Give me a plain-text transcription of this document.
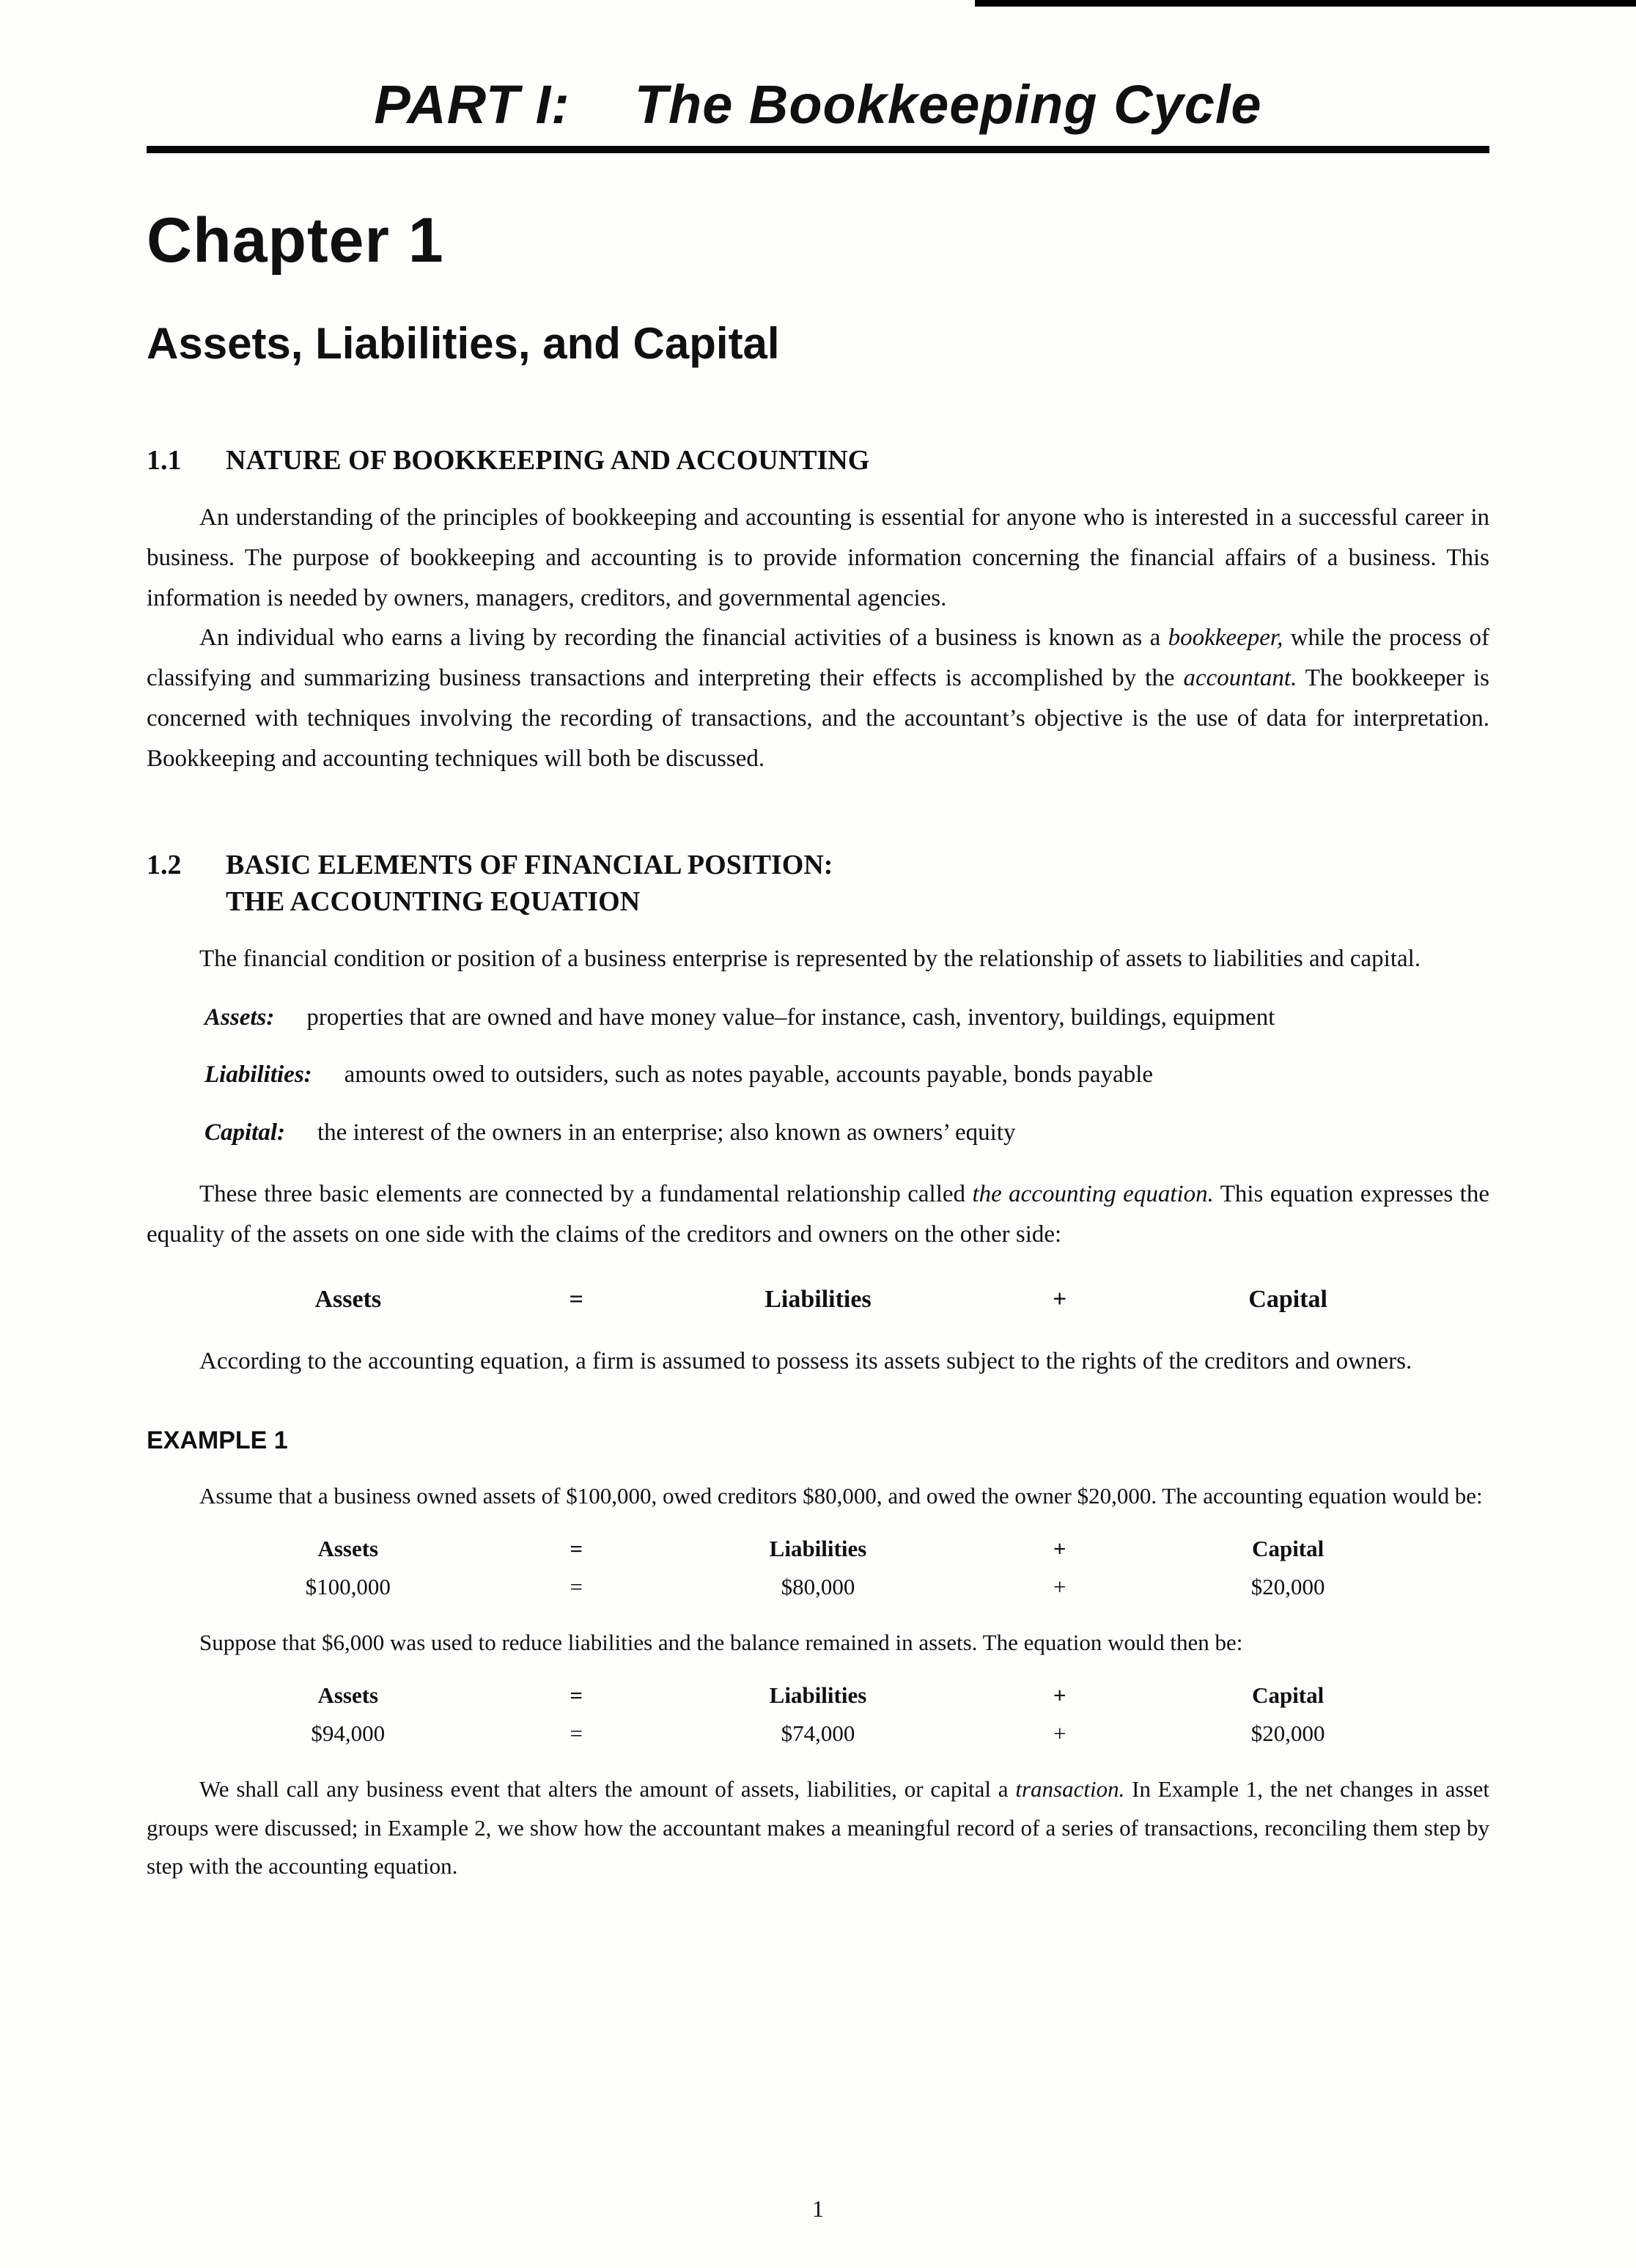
PART I: The Bookkeeping Cycle
Chapter 1
Assets, Liabilities, and Capital
1.1	NATURE OF BOOKKEEPING AND ACCOUNTING

An understanding of the principles of bookkeeping and accounting is essential for anyone who is interested in a successful career in business. The purpose of bookkeeping and accounting is to provide information concerning the financial affairs of a business. This information is needed by owners, managers, creditors, and governmental agencies.

An individual who earns a living by recording the financial activities of a business is known as a bookkeeper, while the process of classifying and summarizing business transactions and interpreting their effects is accomplished by the accountant. The bookkeeper is concerned with techniques involving the recording of transactions, and the accountant’s objective is the use of data for interpretation. Bookkeeping and accounting techniques will both be discussed.

1.2	BASIC ELEMENTS OF FINANCIAL POSITION:
THE ACCOUNTING EQUATION

The financial condition or position of a business enterprise is represented by the relationship of assets to liabilities and capital.

Assets: properties that are owned and have money value–for instance, cash, inventory, buildings, equipment

Liabilities: amounts owed to outsiders, such as notes payable, accounts payable, bonds payable

Capital: the interest of the owners in an enterprise; also known as owners’ equity

These three basic elements are connected by a fundamental relationship called the accounting equation. This equation expresses the equality of the assets on one side with the claims of the creditors and owners on the other side:

Assets	=	Liabilities	+	Capital

According to the accounting equation, a firm is assumed to possess its assets subject to the rights of the creditors and owners.

EXAMPLE 1

Assume that a business owned assets of $100,000, owed creditors $80,000, and owed the owner $20,000. The accounting equation would be:

Assets	=	Liabilities	+	Capital
$100,000	=	$80,000	+	$20,000

Suppose that $6,000 was used to reduce liabilities and the balance remained in assets. The equation would then be:

Assets	=	Liabilities	+	Capital
$94,000	=	$74,000	+	$20,000

We shall call any business event that alters the amount of assets, liabilities, or capital a transaction. In Example 1, the net changes in asset groups were discussed; in Example 2, we show how the accountant makes a meaningful record of a series of transactions, reconciling them step by step with the accounting equation.

1
